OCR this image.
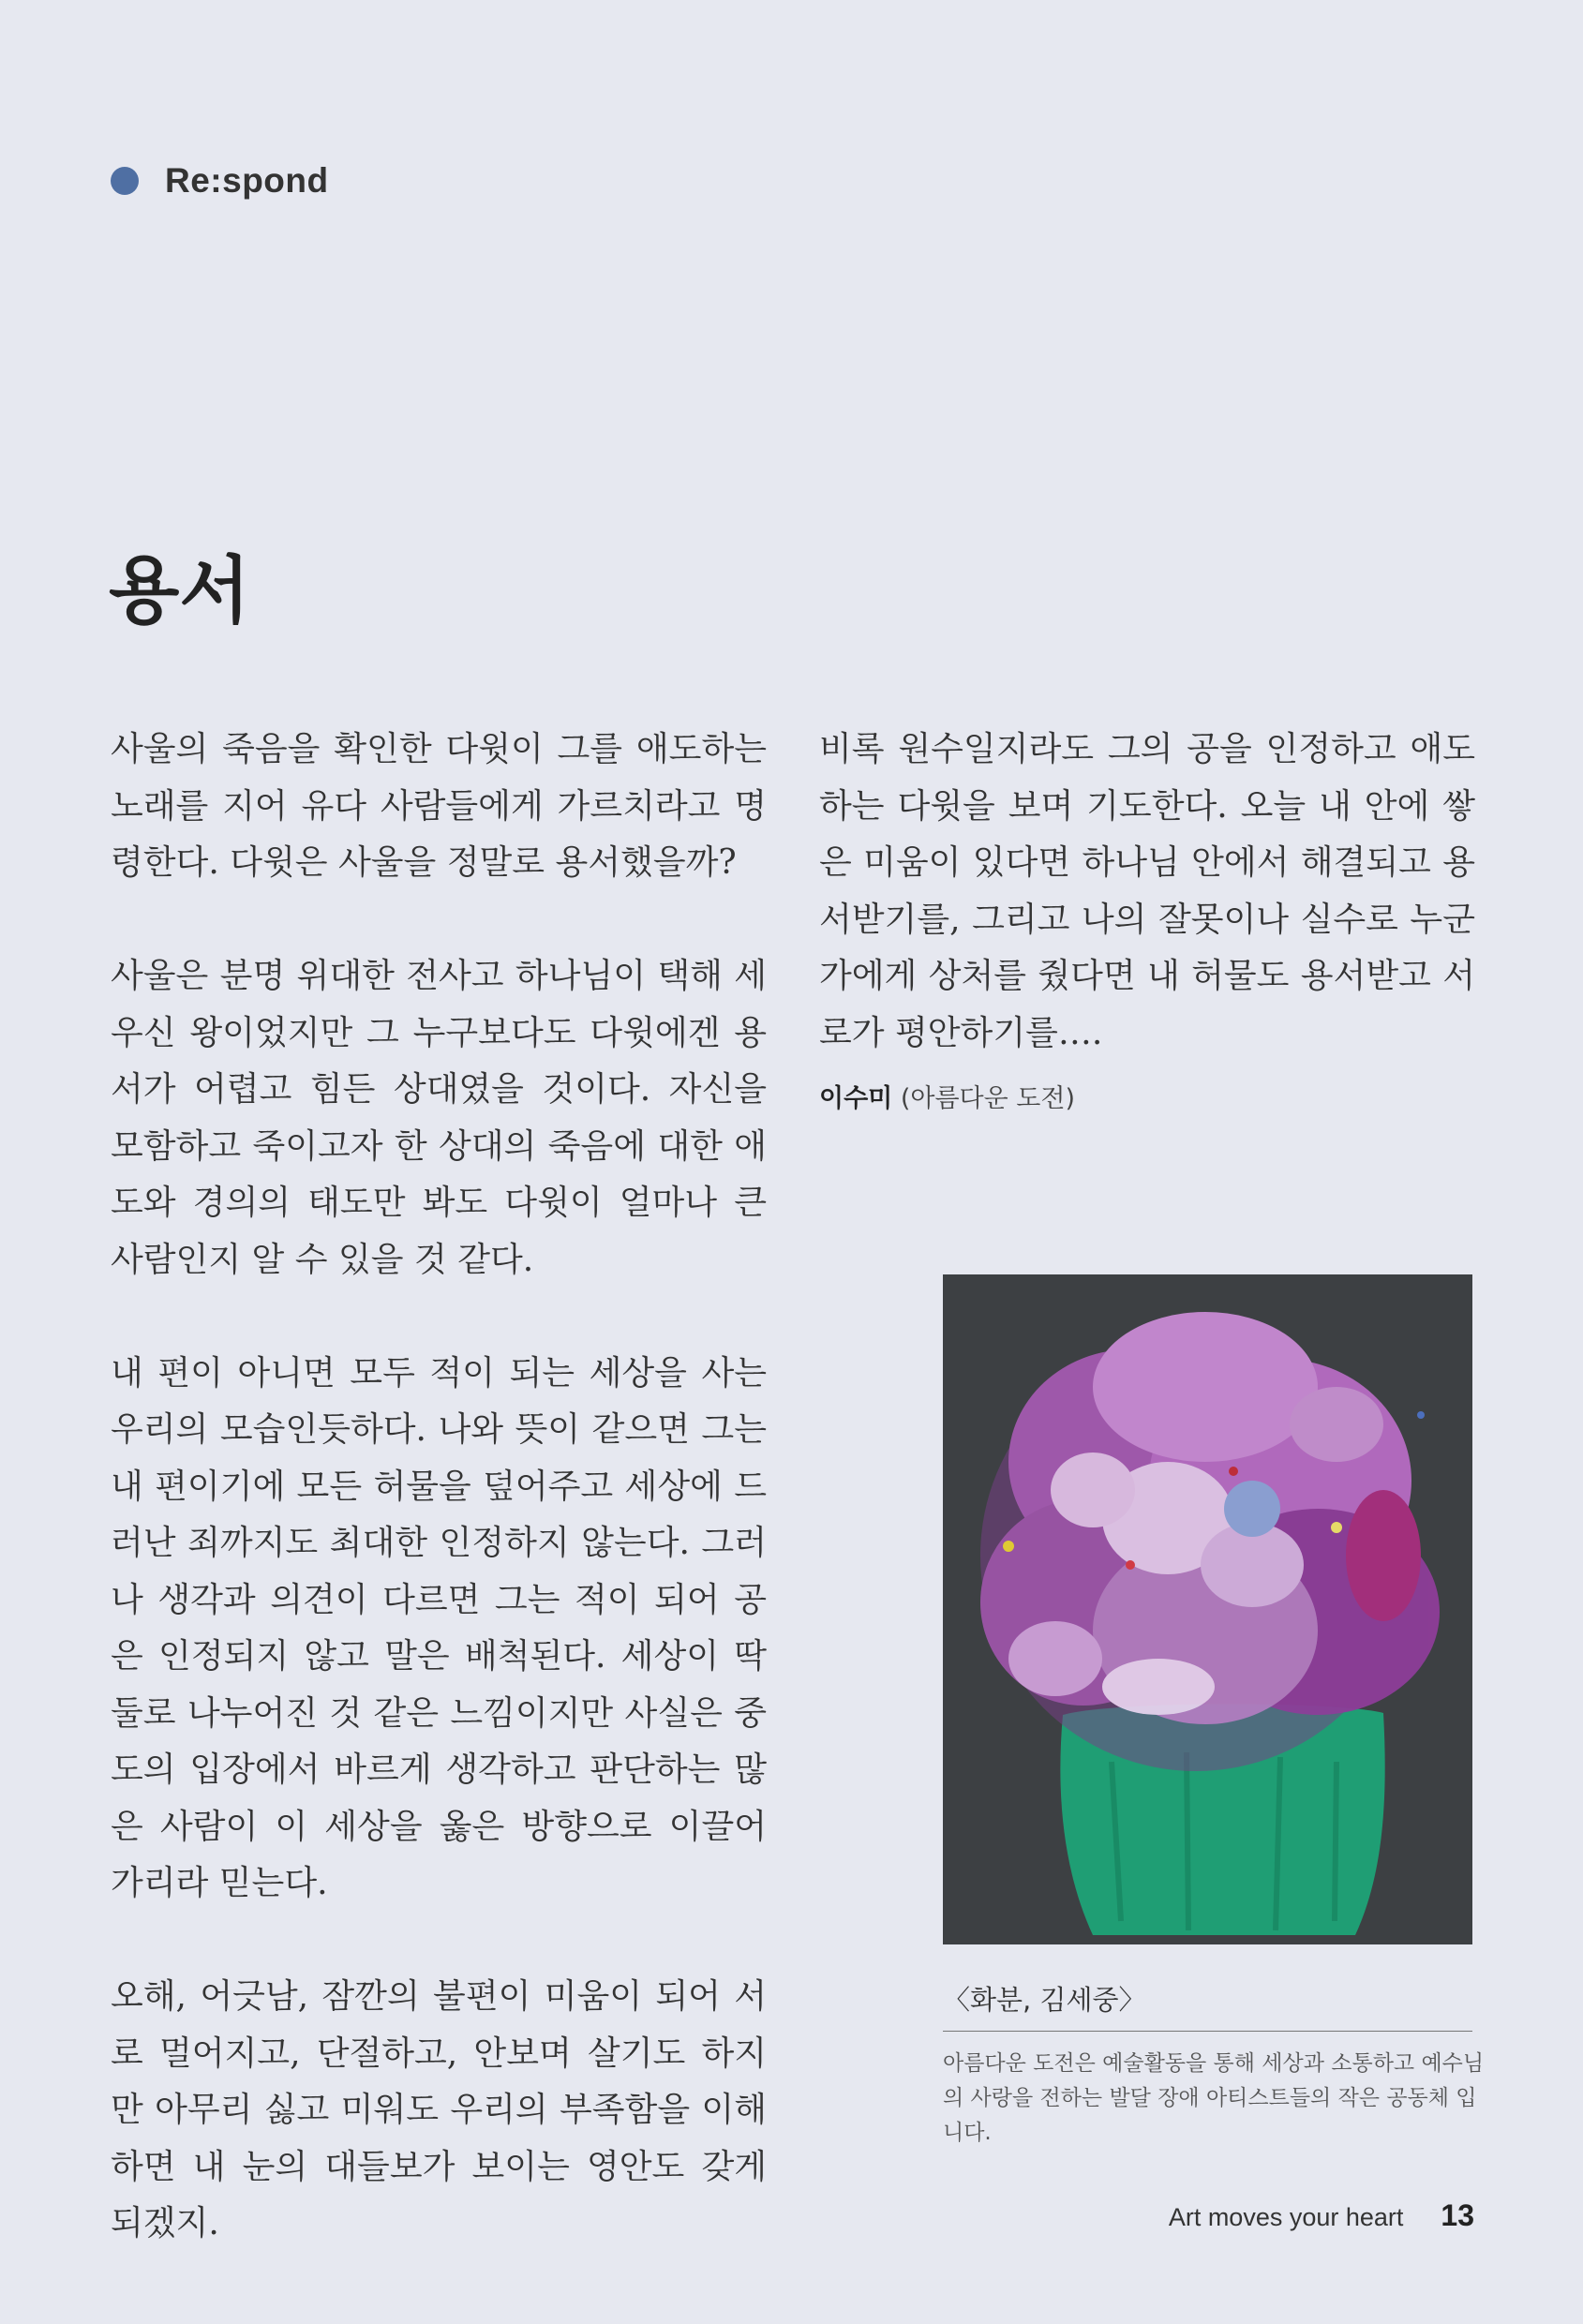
Re:spond
용서

사울의 죽음을 확인한 다윗이 그를 애도하는 노래를 지어 유다 사람들에게 가르치라고 명령한다. 다윗은 사울을 정말로 용서했을까?

사울은 분명 위대한 전사고 하나님이 택해 세우신 왕이었지만 그 누구보다도 다윗에겐 용서가 어렵고 힘든 상대였을 것이다. 자신을 모함하고 죽이고자 한 상대의 죽음에 대한 애도와 경의의 태도만 봐도 다윗이 얼마나 큰 사람인지 알 수 있을 것 같다.

내 편이 아니면 모두 적이 되는 세상을 사는 우리의 모습인듯하다. 나와 뜻이 같으면 그는 내 편이기에 모든 허물을 덮어주고 세상에 드러난 죄까지도 최대한 인정하지 않는다. 그러나 생각과 의견이 다르면 그는 적이 되어 공은 인정되지 않고 말은 배척된다. 세상이 딱 둘로 나누어진 것 같은 느낌이지만 사실은 중도의 입장에서 바르게 생각하고 판단하는 많은 사람이 이 세상을 옳은 방향으로 이끌어 가리라 믿는다.

오해, 어긋남, 잠깐의 불편이 미움이 되어 서로 멀어지고, 단절하고, 안보며 살기도 하지만 아무리 싫고 미워도 우리의 부족함을 이해하면 내 눈의 대들보가 보이는 영안도 갖게 되겠지.

비록 원수일지라도 그의 공을 인정하고 애도하는 다윗을 보며 기도한다. 오늘 내 안에 쌓은 미움이 있다면 하나님 안에서 해결되고 용서받기를, 그리고 나의 잘못이나 실수로 누군가에게 상처를 줬다면 내 허물도 용서받고 서로가 평안하기를….

이수미 (아름다운 도전)
〈화분, 김세중〉
아름다운 도전은 예술활동을 통해 세상과 소통하고 예수님의 사랑을 전하는 발달 장애 아티스트들의 작은 공동체 입니다.
Art moves your heart 13
